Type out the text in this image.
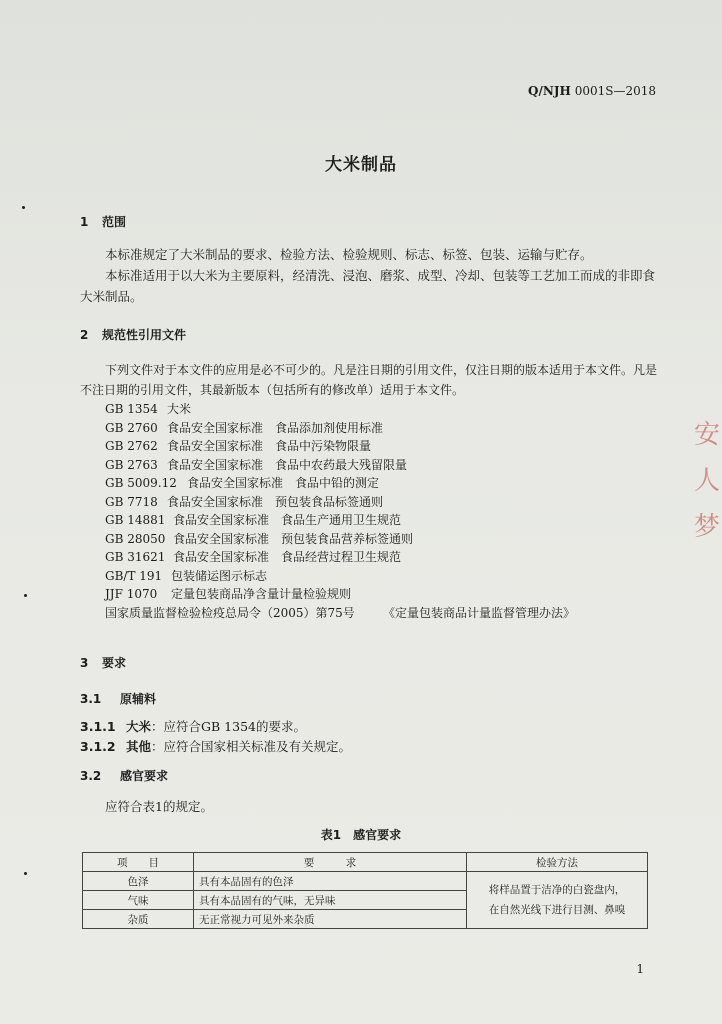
Q/NJH 0001S—2018
大米制品
1 范围
本标准规定了大米制品的要求、检验方法、检验规则、标志、标签、包装、运输与贮存。
本标准适用于以大米为主要原料，经清洗、浸泡、磨浆、成型、冷却、包装等工艺加工而成的非即食大米制品。
2 规范性引用文件
下列文件对于本文件的应用是必不可少的。凡是注日期的引用文件，仅注日期的版本适用于本文件。凡是不注日期的引用文件，其最新版本（包括所有的修改单）适用于本文件。
GB 1354 大米
GB 2760 食品安全国家标准　食品添加剂使用标准
GB 2762 食品安全国家标准　食品中污染物限量
GB 2763 食品安全国家标准　食品中农药最大残留限量
GB 5009.12 食品安全国家标准　食品中铅的测定
GB 7718 食品安全国家标准　预包装食品标签通则
GB 14881 食品安全国家标准　食品生产通用卫生规范
GB 28050 食品安全国家标准　预包装食品营养标签通则
GB 31621 食品安全国家标准　食品经营过程卫生规范
GB/T 191 包装储运图示标志
JJF 1070 定量包装商品净含量计量检验规则
国家质量监督检验检疫总局令（2005）第75号 《定量包装商品计量监督管理办法》
3 要求
3.1 原辅料
3.1.1 大米：应符合GB 1354的要求。
3.1.2 其他：应符合国家相关标准及有关规定。
3.2 感官要求
应符合表1的规定。
表1　 感官要求
项　　目	要　　　求	检验方法
色泽	具有本品固有的色泽	将样品置于洁净的白瓷盘内，
在自然光线下进行目测、鼻嗅

气味	具有本品固有的气味，无异味	
杂质	无正常视力可见外来杂质	
安
人
梦
1
